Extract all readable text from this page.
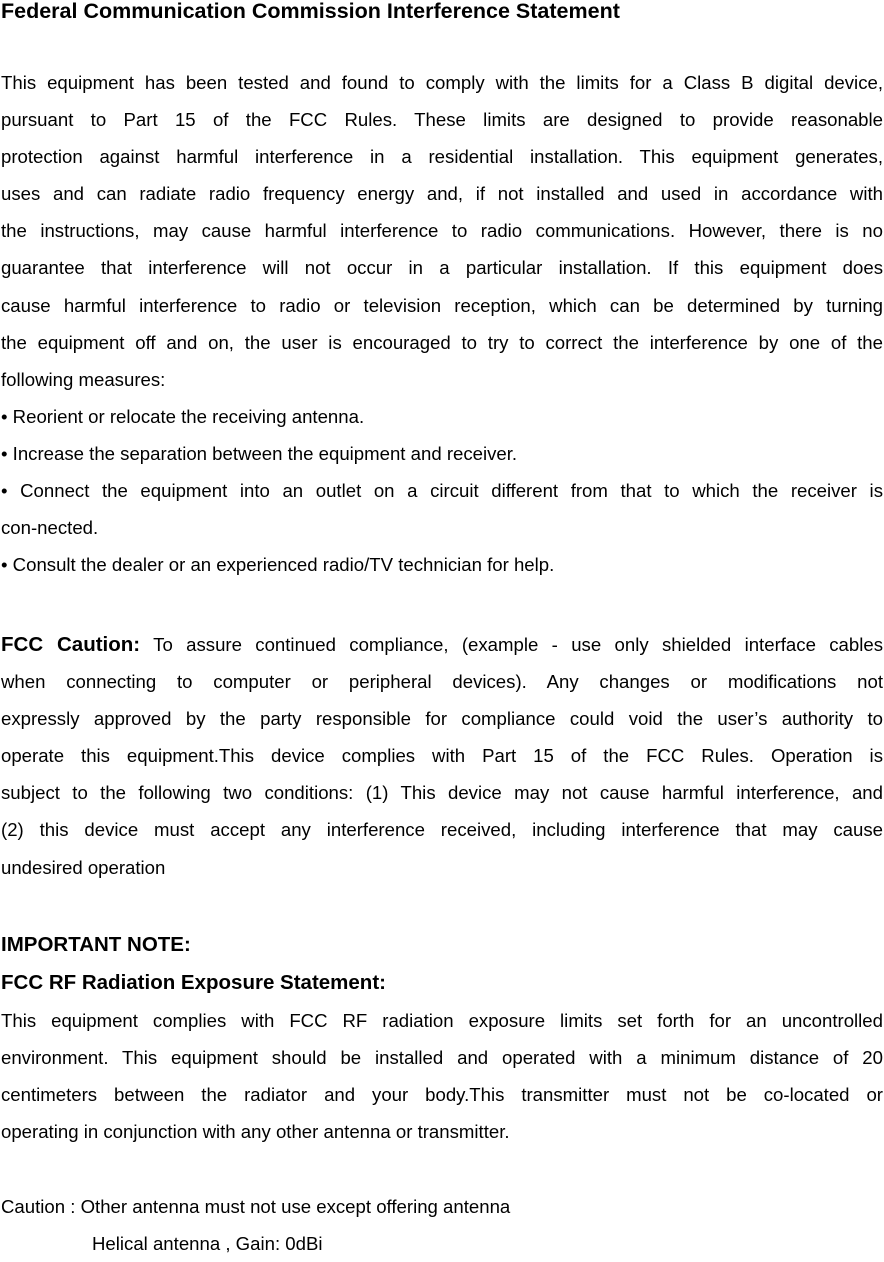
Federal Communication Commission Interference Statement
This equipment has been tested and found to comply with the limits for a Class B digital device,
pursuant to Part 15 of the FCC Rules. These limits are designed to provide reasonable
protection against harmful interference in a residential installation. This equipment generates,
uses and can radiate radio frequency energy and, if not installed and used in accordance with
the instructions, may cause harmful interference to radio communications. However, there is no
guarantee that interference will not occur in a particular installation. If this equipment does
cause harmful interference to radio or television reception, which can be determined by turning
the equipment off and on, the user is encouraged to try to correct the interference by one of the
following measures:
• Reorient or relocate the receiving antenna.
• Increase the separation between the equipment and receiver.
• Connect the equipment into an outlet on a circuit different from that to which the receiver is
con-nected.
• Consult the dealer or an experienced radio/TV technician for help.
FCC Caution: To assure continued compliance, (example - use only shielded interface cables
when connecting to computer or peripheral devices). Any changes or modifications not
expressly approved by the party responsible for compliance could void the user’s authority to
operate this equipment.This device complies with Part 15 of the FCC Rules. Operation is
subject to the following two conditions: (1) This device may not cause harmful interference, and
(2) this device must accept any interference received, including interference that may cause
undesired operation
IMPORTANT NOTE:
FCC RF Radiation Exposure Statement:
This equipment complies with FCC RF radiation exposure limits set forth for an uncontrolled
environment. This equipment should be installed and operated with a minimum distance of 20
centimeters between the radiator and your body.This transmitter must not be co-located or
operating in conjunction with any other antenna or transmitter.
Caution : Other antenna must not use except offering antenna
Helical antenna , Gain: 0dBi
